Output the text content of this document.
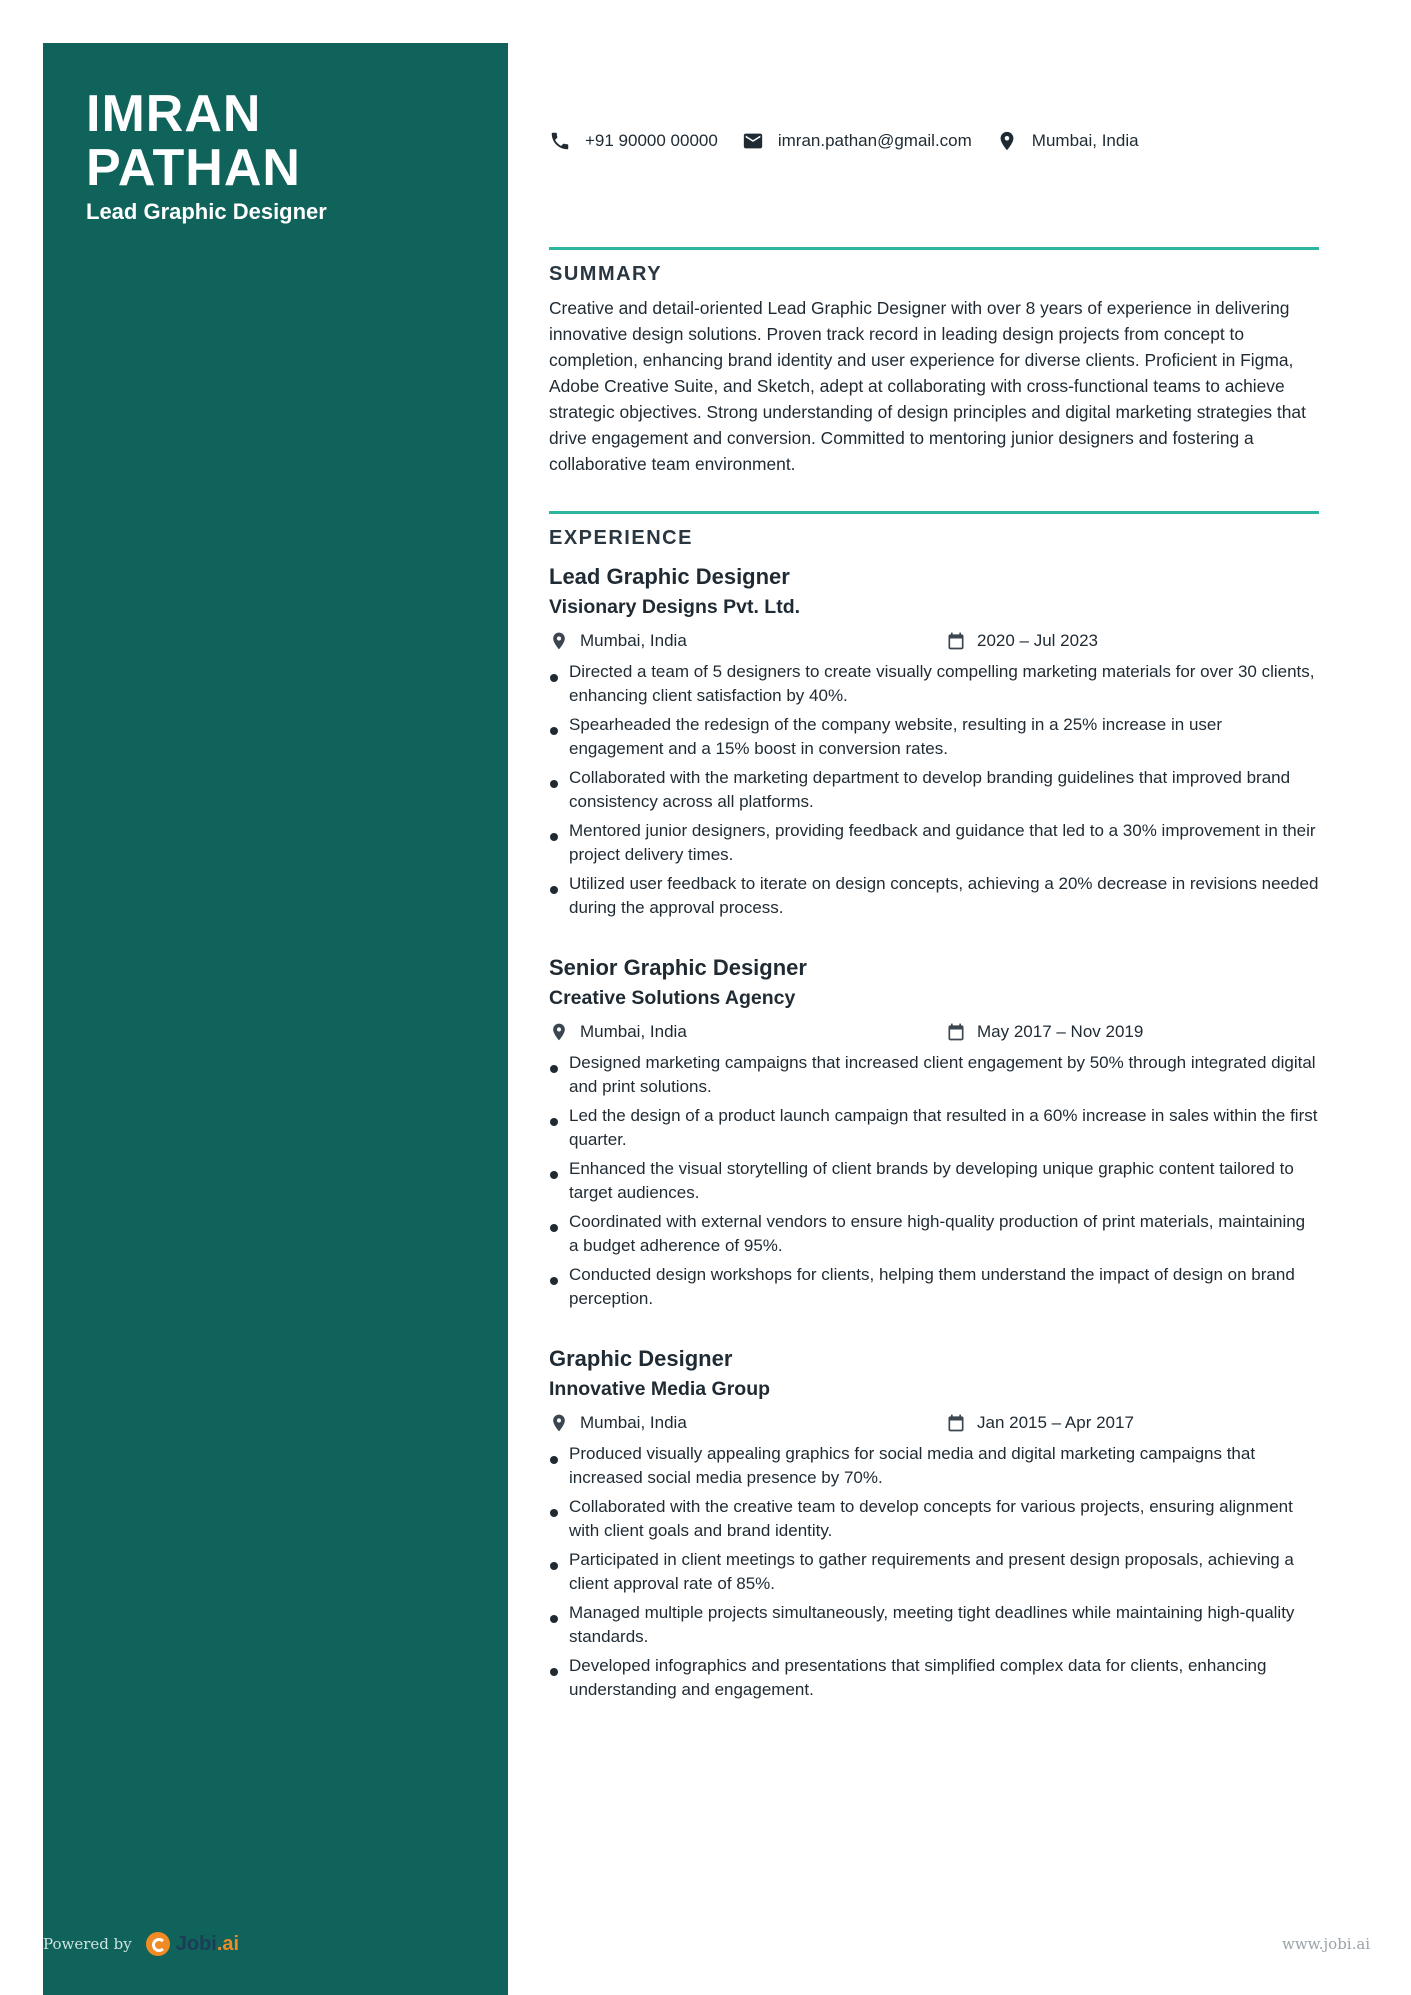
IMRAN
PATHAN
Lead Graphic Designer
Powered by Jobi .ai	www.jobi.ai
+91 90000 00000	imran.pathan@gmail.com	Mumbai, India
SUMMARY
Creative and detail-oriented Lead Graphic Designer with over 8 years of experience in delivering innovative design solutions. Proven track record in leading design projects from concept to completion, enhancing brand identity and user experience for diverse clients. Proficient in Figma, Adobe Creative Suite, and Sketch, adept at collaborating with cross-functional teams to achieve strategic objectives. Strong understanding of design principles and digital marketing strategies that drive engagement and conversion. Committed to mentoring junior designers and fostering a collaborative team environment.
EXPERIENCE
Lead Graphic Designer
Visionary Designs Pvt. Ltd.
Mumbai, India	2020 – Jul 2023
Directed a team of 5 designers to create visually compelling marketing materials for over 30 clients, enhancing client satisfaction by 40%.
Spearheaded the redesign of the company website, resulting in a 25% increase in user engagement and a 15% boost in conversion rates.
Collaborated with the marketing department to develop branding guidelines that improved brand consistency across all platforms.
Mentored junior designers, providing feedback and guidance that led to a 30% improvement in their project delivery times.
Utilized user feedback to iterate on design concepts, achieving a 20% decrease in revisions needed during the approval process.
Senior Graphic Designer
Creative Solutions Agency
Mumbai, India	May 2017 – Nov 2019
Designed marketing campaigns that increased client engagement by 50% through integrated digital and print solutions.
Led the design of a product launch campaign that resulted in a 60% increase in sales within the first quarter.
Enhanced the visual storytelling of client brands by developing unique graphic content tailored to target audiences.
Coordinated with external vendors to ensure high-quality production of print materials, maintaining a budget adherence of 95%.
Conducted design workshops for clients, helping them understand the impact of design on brand perception.
Graphic Designer
Innovative Media Group
Mumbai, India	Jan 2015 – Apr 2017
Produced visually appealing graphics for social media and digital marketing campaigns that increased social media presence by 70%.
Collaborated with the creative team to develop concepts for various projects, ensuring alignment with client goals and brand identity.
Participated in client meetings to gather requirements and present design proposals, achieving a client approval rate of 85%.
Managed multiple projects simultaneously, meeting tight deadlines while maintaining high-quality standards.
Developed infographics and presentations that simplified complex data for clients, enhancing understanding and engagement.
